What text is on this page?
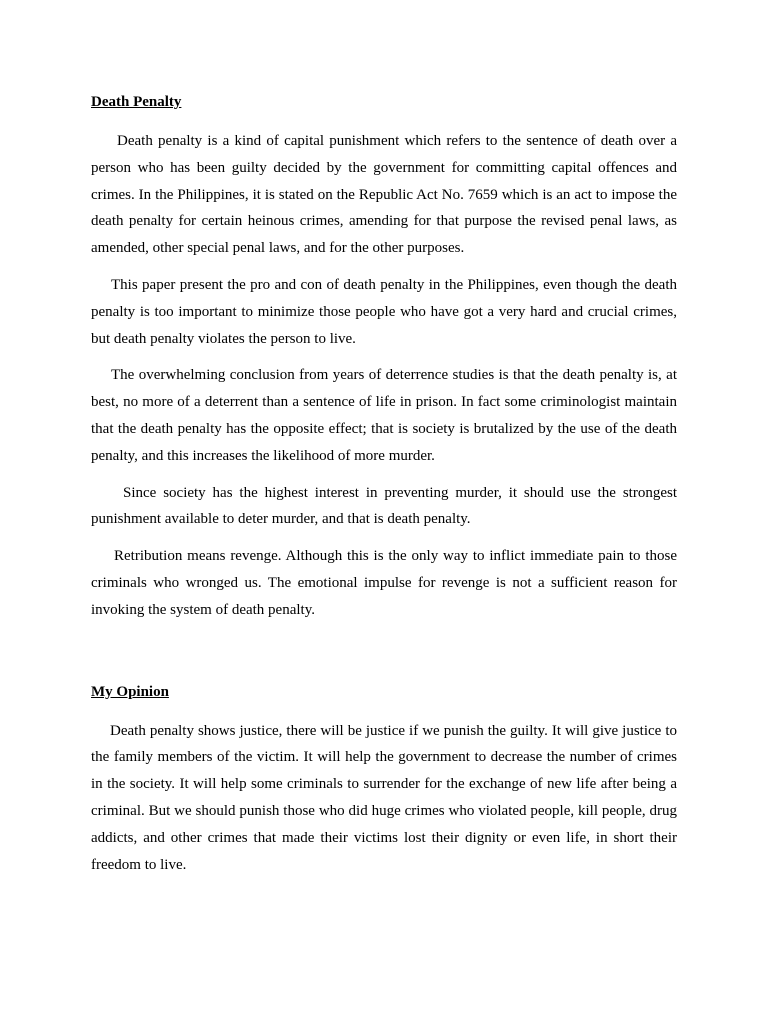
Death Penalty

Death penalty is a kind of capital punishment which refers to the sentence of death over a person who has been guilty decided by the government for committing capital offences and crimes. In the Philippines, it is stated on the Republic Act No. 7659 which is an act to impose the death penalty for certain heinous crimes, amending for that purpose the revised penal laws, as amended, other special penal laws, and for the other purposes.

This paper present the pro and con of death penalty in the Philippines, even though the death penalty is too important to minimize those people who have got a very hard and crucial crimes, but death penalty violates the person to live.

The overwhelming conclusion from years of deterrence studies is that the death penalty is, at best, no more of a deterrent than a sentence of life in prison. In fact some criminologist maintain that the death penalty has the opposite effect; that is society is brutalized by the use of the death penalty, and this increases the likelihood of more murder.

Since society has the highest interest in preventing murder, it should use the strongest punishment available to deter murder, and that is death penalty.

Retribution means revenge. Although this is the only way to inflict immediate pain to those criminals who wronged us. The emotional impulse for revenge is not a sufficient reason for invoking the system of death penalty.

My Opinion

Death penalty shows justice, there will be justice if we punish the guilty. It will give justice to the family members of the victim. It will help the government to decrease the number of crimes in the society. It will help some criminals to surrender for the exchange of new life after being a criminal. But we should punish those who did huge crimes who violated people, kill people, drug addicts, and other crimes that made their victims lost their dignity or even life, in short their freedom to live.
